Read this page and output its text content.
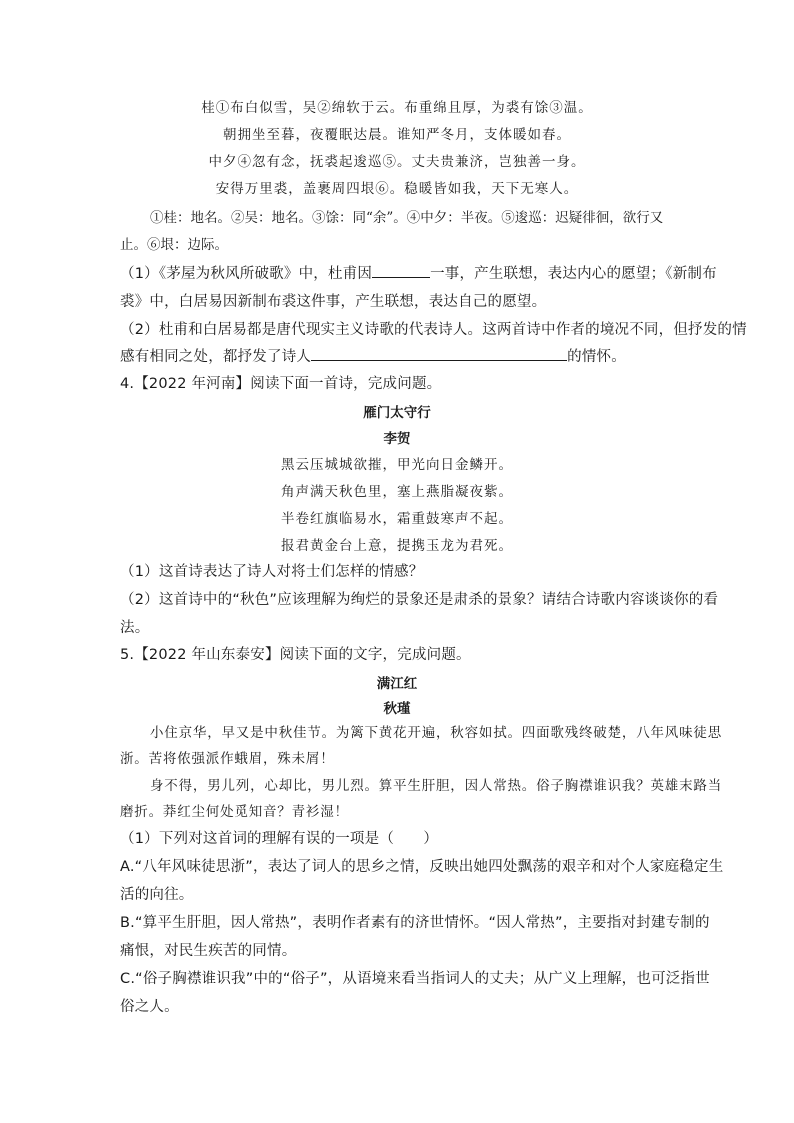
桂①布白似雪，吴②绵软于云。布重绵且厚，为裘有馀③温。
朝拥坐至暮，夜覆眠达晨。谁知严冬月，支体暖如春。
中夕④忽有念，抚裘起逡巡⑤。丈夫贵兼济，岂独善一身。
安得万里裘，盖裹周四垠⑥。稳暖皆如我，天下无寒人。
①桂：地名。②吴：地名。③馀：同“余”。④中夕：半夜。⑤逡巡：迟疑徘徊，欲行又
止。⑥垠：边际。
（1）《茅屋为秋风所破歌》中，杜甫因	一事，产生联想，表达内心的愿望；《新制布
裘》中，白居易因新制布裘这件事，产生联想，表达自己的愿望。
（2）杜甫和白居易都是唐代现实主义诗歌的代表诗人。这两首诗中作者的境况不同，但抒发的情
感有相同之处，都抒发了诗人	的情怀。
4.【2022 年河南】阅读下面一首诗，完成问题。
雁门太守行
李贺
黑云压城城欲摧，甲光向日金鳞开。
角声满天秋色里，塞上燕脂凝夜紫。
半卷红旗临易水，霜重鼓寒声不起。
报君黄金台上意，提携玉龙为君死。
（1）这首诗表达了诗人对将士们怎样的情感？
（2）这首诗中的“秋色”应该理解为绚烂的景象还是肃杀的景象？请结合诗歌内容谈谈你的看
法。
5.【2022 年山东泰安】阅读下面的文字，完成问题。
满江红
秋瑾
小住京华，早又是中秋佳节。为篱下黄花开遍，秋容如拭。四面歌残终破楚，八年风味徒思
浙。苦将侬强派作蛾眉，殊未屑！
身不得，男儿列，心却比，男儿烈。算平生肝胆，因人常热。俗子胸襟谁识我？英雄末路当
磨折。莽红尘何处觅知音？青衫湿！
（1）下列对这首词的理解有误的一项是（　　）
A.“八年风味徒思浙”，表达了词人的思乡之情，反映出她四处飘荡的艰辛和对个人家庭稳定生
活的向往。
B.“算平生肝胆，因人常热”，表明作者素有的济世情怀。“因人常热”，主要指对封建专制的
痛恨，对民生疾苦的同情。
C.“俗子胸襟谁识我”中的“俗子”，从语境来看当指词人的丈夫；从广义上理解，也可泛指世
俗之人。
